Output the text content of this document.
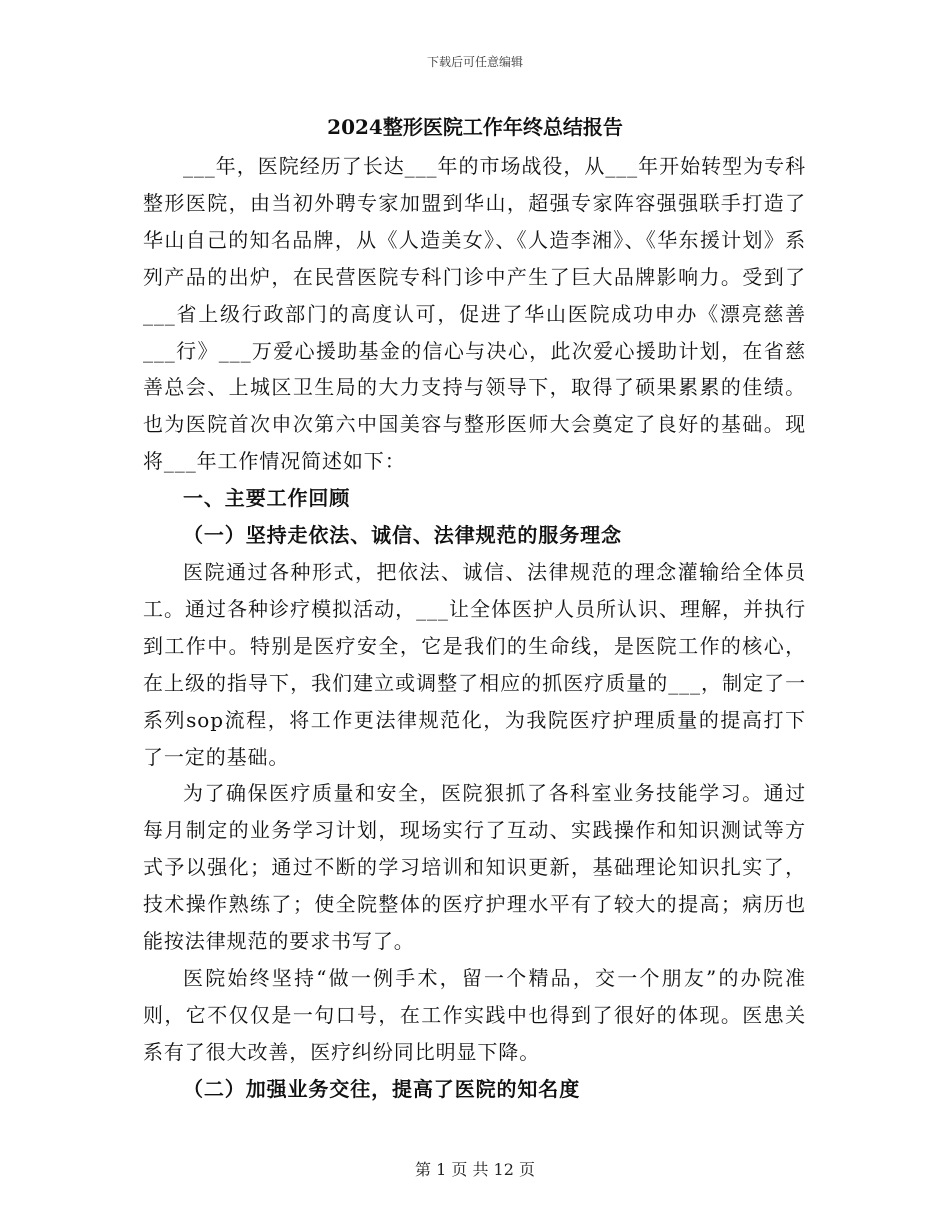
下载后可任意编辑
2024整形医院工作年终总结报告

___年，医院经历了长达___年的市场战役，从___年开始转型为专科整形医院，由当初外聘专家加盟到华山，超强专家阵容强强联手打造了华山自己的知名品牌，从《人造美女》、《人造李湘》、《华东援计划》系列产品的出炉，在民营医院专科门诊中产生了巨大品牌影响力。受到了___省上级行政部门的高度认可，促进了华山医院成功申办《漂亮慈善___行》___万爱心援助基金的信心与决心，此次爱心援助计划，在省慈善总会、上城区卫生局的大力支持与领导下，取得了硕果累累的佳绩。也为医院首次申次第六中国美容与整形医师大会奠定了良好的基础。现将___年工作情况简述如下：

一、主要工作回顾

（一）坚持走依法、诚信、法律规范的服务理念

医院通过各种形式，把依法、诚信、法律规范的理念灌输给全体员工。通过各种诊疗模拟活动，___让全体医护人员所认识、理解，并执行到工作中。特别是医疗安全，它是我们的生命线，是医院工作的核心，在上级的指导下，我们建立或调整了相应的抓医疗质量的___，制定了一系列sop流程，将工作更法律规范化，为我院医疗护理质量的提高打下了一定的基础。

为了确保医疗质量和安全，医院狠抓了各科室业务技能学习。通过每月制定的业务学习计划，现场实行了互动、实践操作和知识测试等方式予以强化；通过不断的学习培训和知识更新，基础理论知识扎实了，技术操作熟练了；使全院整体的医疗护理水平有了较大的提高；病历也能按法律规范的要求书写了。

医院始终坚持“做一例手术，留一个精品，交一个朋友”的办院准则，它不仅仅是一句口号，在工作实践中也得到了很好的体现。医患关系有了很大改善，医疗纠纷同比明显下降。

（二）加强业务交往，提高了医院的知名度

第 1 页 共 12 页
